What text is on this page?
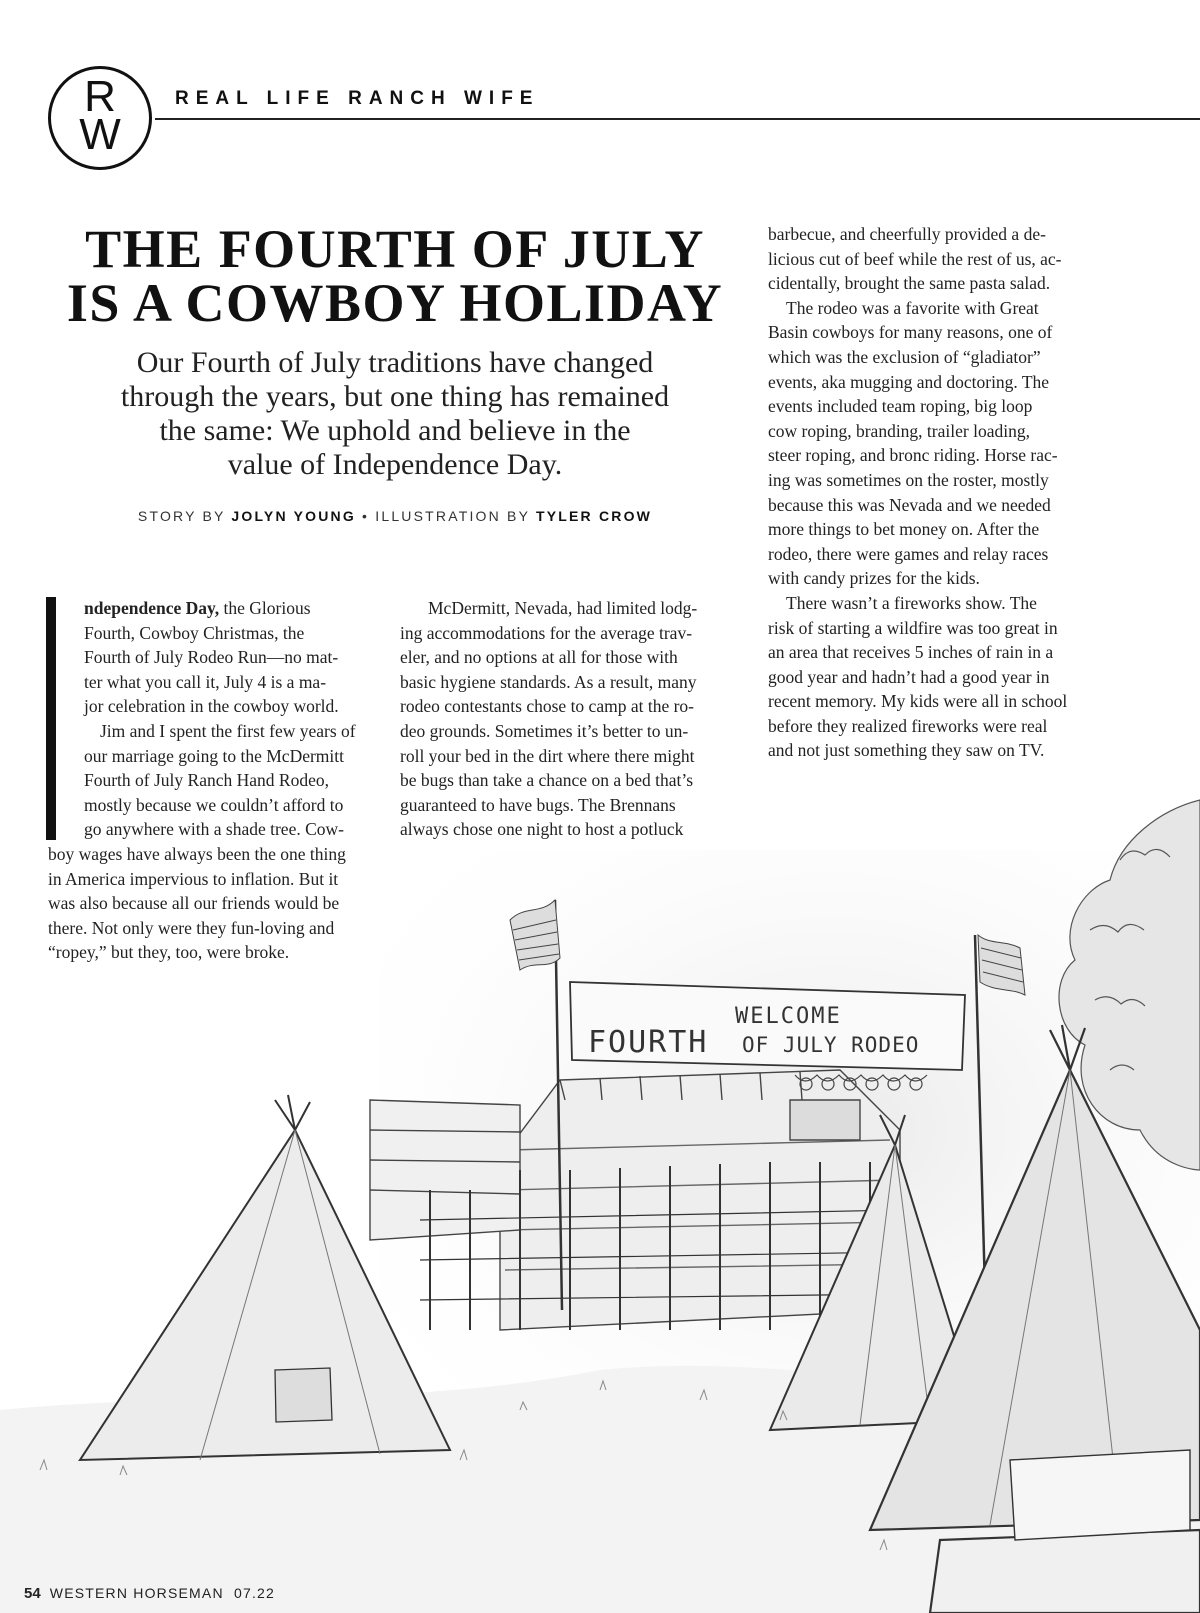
R
W
REAL LIFE RANCH WIFE
THE FOURTH OF JULY
IS A COWBOY HOLIDAY
Our Fourth of July traditions have changed
through the years, but one thing has remained
the same: We uphold and believe in the
value of Independence Day.
STORY BY JOLYN YOUNG • ILLUSTRATION BY TYLER CROW
WELCOME
FOURTH OF JULY RODEO
ndependence Day, the Glorious
Fourth, Cowboy Christmas, the
Fourth of July Rodeo Run—no mat-
ter what you call it, July 4 is a ma-
jor celebration in the cowboy world.
Jim and I spent the first few years of
our marriage going to the McDermitt
Fourth of July Ranch Hand Rodeo,
mostly because we couldn’t afford to
go anywhere with a shade tree. Cow-
boy wages have always been the one thing
in America impervious to inflation. But it
was also because all our friends would be
there. Not only were they fun-loving and
“ropey,” but they, too, were broke.
McDermitt, Nevada, had limited lodg-
ing accommodations for the average trav-
eler, and no options at all for those with
basic hygiene standards. As a result, many
rodeo contestants chose to camp at the ro-
deo grounds. Sometimes it’s better to un-
roll your bed in the dirt where there might
be bugs than take a chance on a bed that’s
guaranteed to have bugs. The Brennans
always chose one night to host a potluck
barbecue, and cheerfully provided a de-
licious cut of beef while the rest of us, ac-
cidentally, brought the same pasta salad.
The rodeo was a favorite with Great
Basin cowboys for many reasons, one of
which was the exclusion of “gladiator”
events, aka mugging and doctoring. The
events included team roping, big loop
cow roping, branding, trailer loading,
steer roping, and bronc riding. Horse rac-
ing was sometimes on the roster, mostly
because this was Nevada and we needed
more things to bet money on. After the
rodeo, there were games and relay races
with candy prizes for the kids.
There wasn’t a fireworks show. The
risk of starting a wildfire was too great in
an area that receives 5 inches of rain in a
good year and hadn’t had a good year in
recent memory. My kids were all in school
before they realized fireworks were real
and not just something they saw on TV.
54 WESTERN HORSEMAN 07.22
